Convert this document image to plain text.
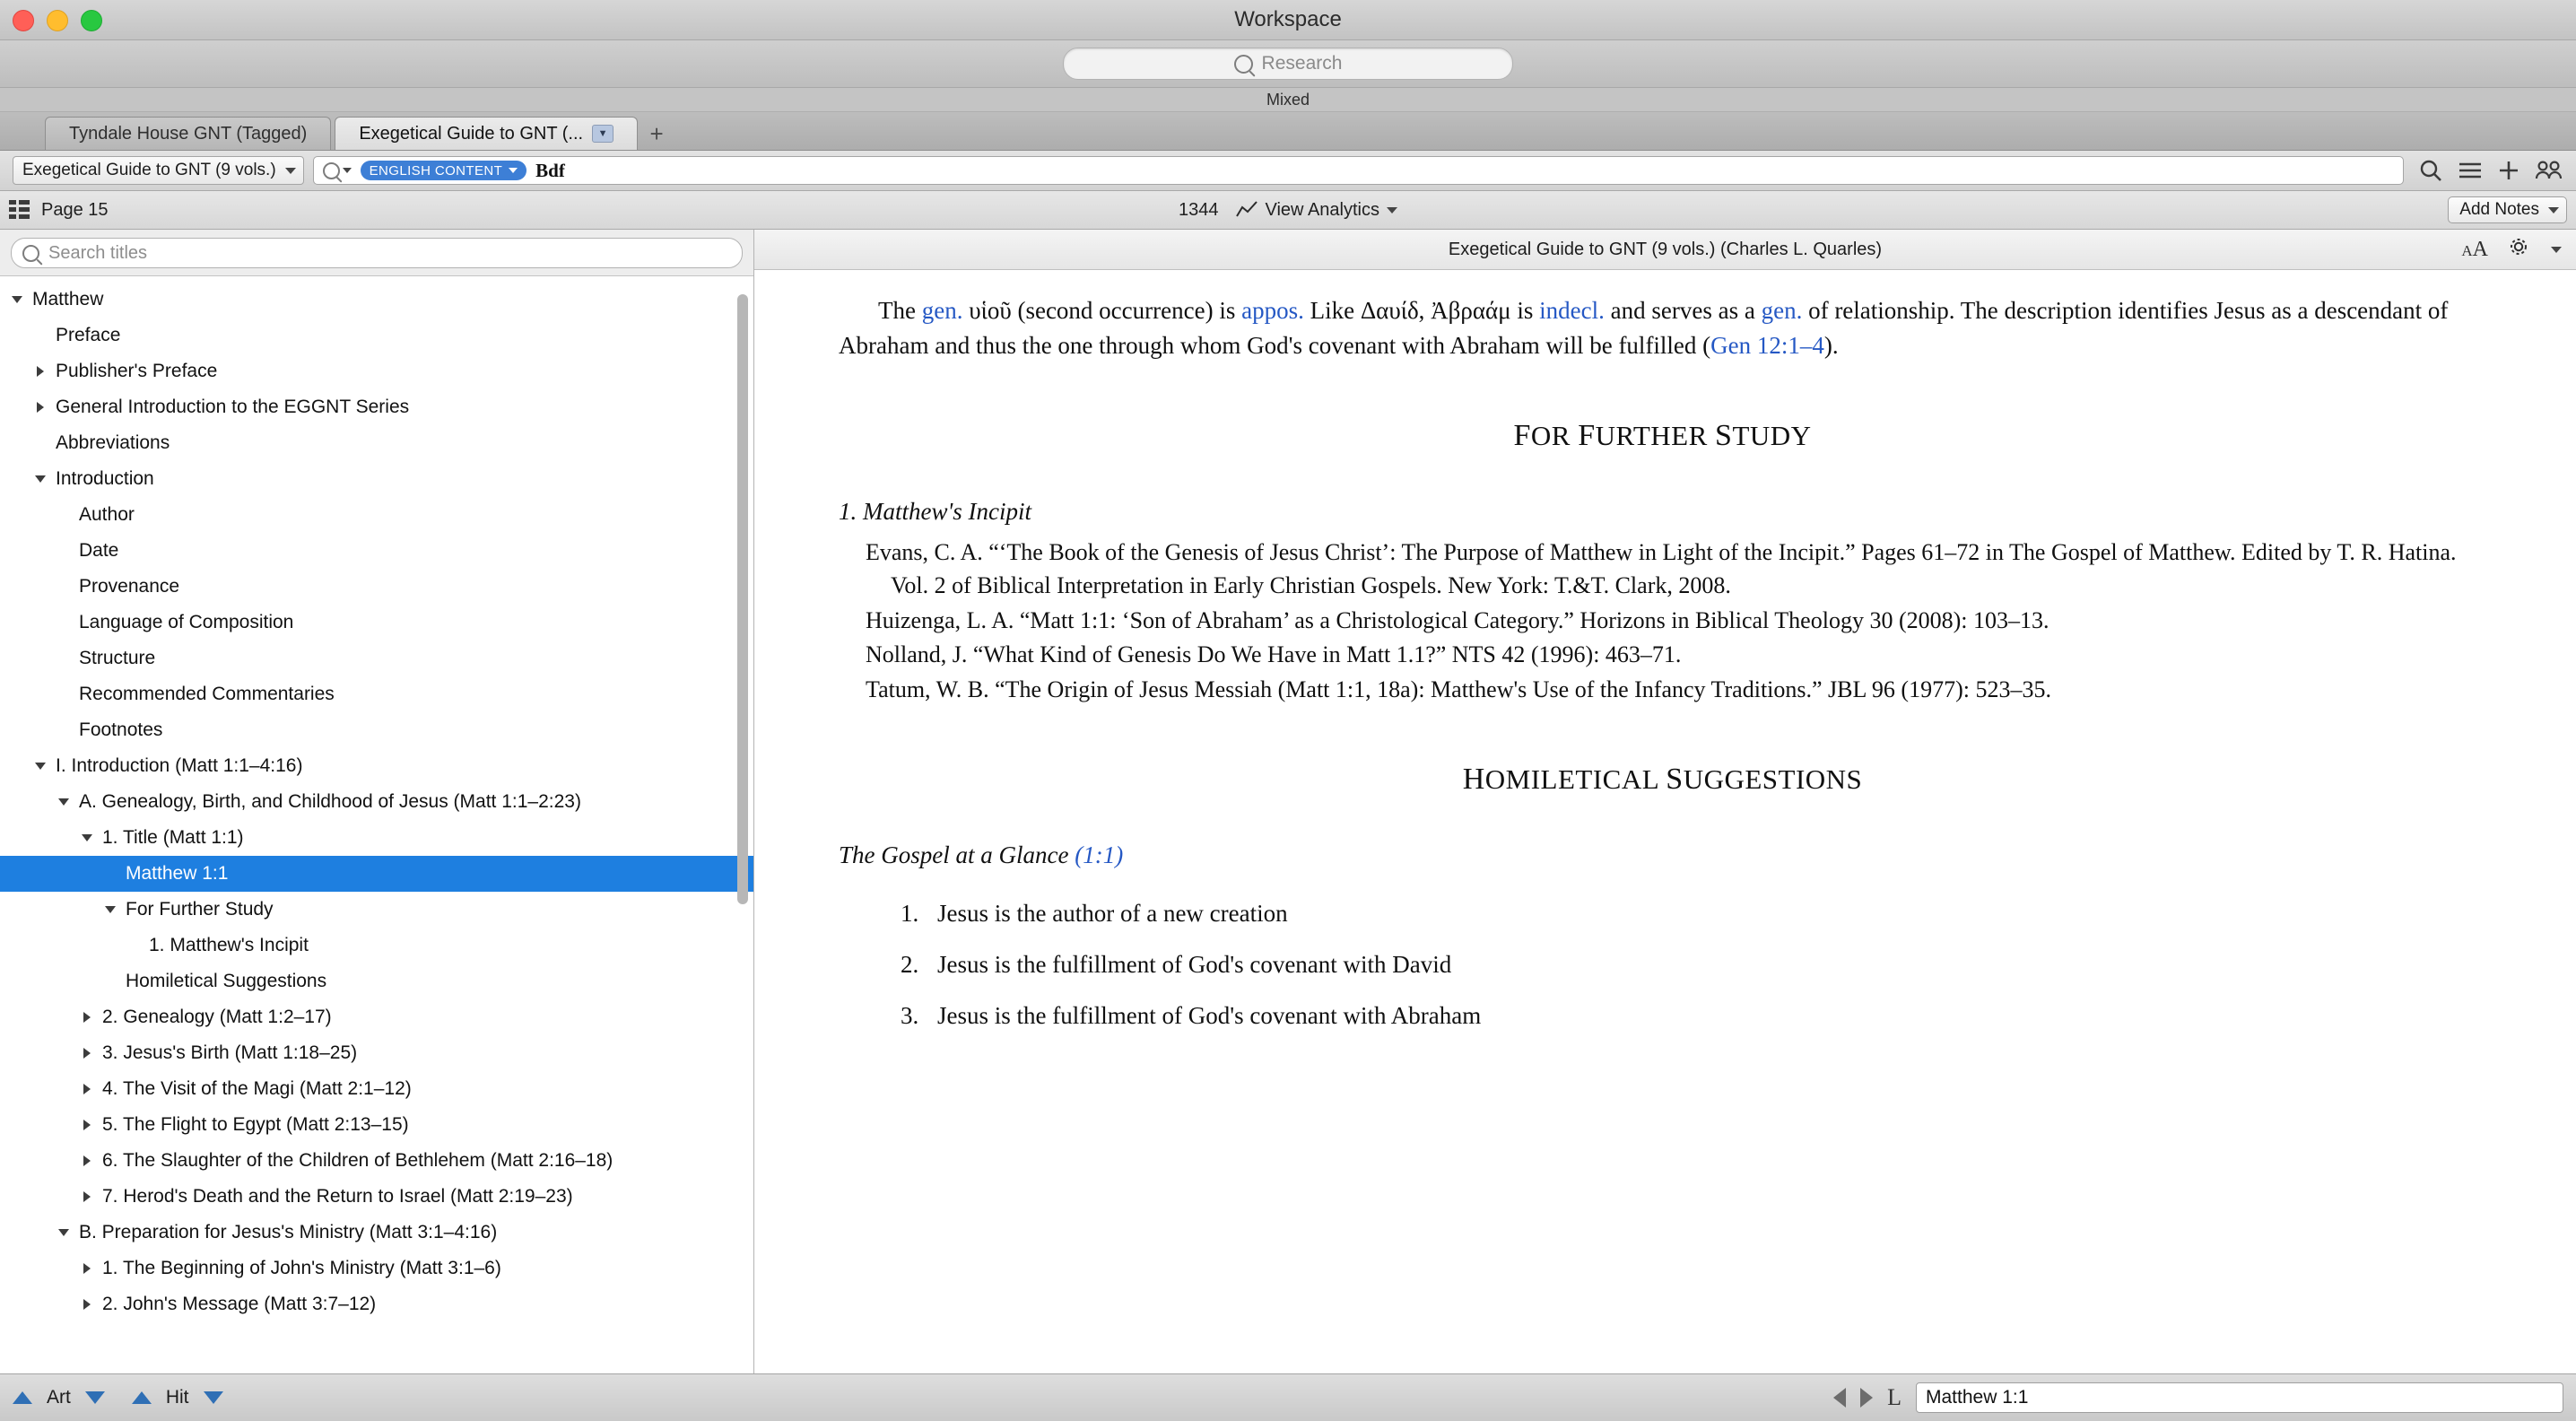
Workspace
Research
Mixed
Tyndale House GNT (Tagged)	Exegetical Guide to GNT (...	▼	+
Exegetical Guide to GNT (9 vols.)	ENGLISH CONTENT Bdf
Page 15	1344	View Analytics	Add Notes
Search titles
Matthew
Preface
Publisher's Preface
General Introduction to the EGGNT Series
Abbreviations
Introduction
Author
Date
Provenance
Language of Composition
Structure
Recommended Commentaries
Footnotes
I. Introduction (Matt 1:1–4:16)
A. Genealogy, Birth, and Childhood of Jesus (Matt 1:1–2:23)
1. Title (Matt 1:1)
Matthew 1:1
For Further Study
1. Matthew's Incipit
Homiletical Suggestions
2. Genealogy (Matt 1:2–17)
3. Jesus's Birth (Matt 1:18–25)
4. The Visit of the Magi (Matt 2:1–12)
5. The Flight to Egypt (Matt 2:13–15)
6. The Slaughter of the Children of Bethlehem (Matt 2:16–18)
7. Herod's Death and the Return to Israel (Matt 2:19–23)
B. Preparation for Jesus's Ministry (Matt 3:1–4:16)
1. The Beginning of John's Ministry (Matt 3:1–6)
2. John's Message (Matt 3:7–12)
Exegetical Guide to GNT (9 vols.) (Charles L. Quarles)	AA

The gen. υἱοῦ (second occurrence) is appos. Like Δαυίδ, Ἀβραάμ is indecl. and serves as a gen. of relationship. The description identifies Jesus as a descendant of Abraham and thus the one through whom God's covenant with Abraham will be fulfilled (Gen 12:1–4).

FOR FURTHER STUDY
1. Matthew's Incipit
Evans, C. A. “‘The Book of the Genesis of Jesus Christ’: The Purpose of Matthew in Light of the Incipit.” Pages 61–72 in The Gospel of Matthew. Edited by T. R. Hatina. Vol. 2 of Biblical Interpretation in Early Christian Gospels. New York: T.&T. Clark, 2008.
Huizenga, L. A. “Matt 1:1: ‘Son of Abraham’ as a Christological Category.” Horizons in Biblical Theology 30 (2008): 103–13.
Nolland, J. “What Kind of Genesis Do We Have in Matt 1.1?” NTS 42 (1996): 463–71.
Tatum, W. B. “The Origin of Jesus Messiah (Matt 1:1, 18a): Matthew's Use of the Infancy Traditions.” JBL 96 (1977): 523–35.
HOMILETICAL SUGGESTIONS
The Gospel at a Glance (1:1)
1. Jesus is the author of a new creation
2. Jesus is the fulfillment of God's covenant with David
3. Jesus is the fulfillment of God's covenant with Abraham
Art	Hit	L Matthew 1:1
